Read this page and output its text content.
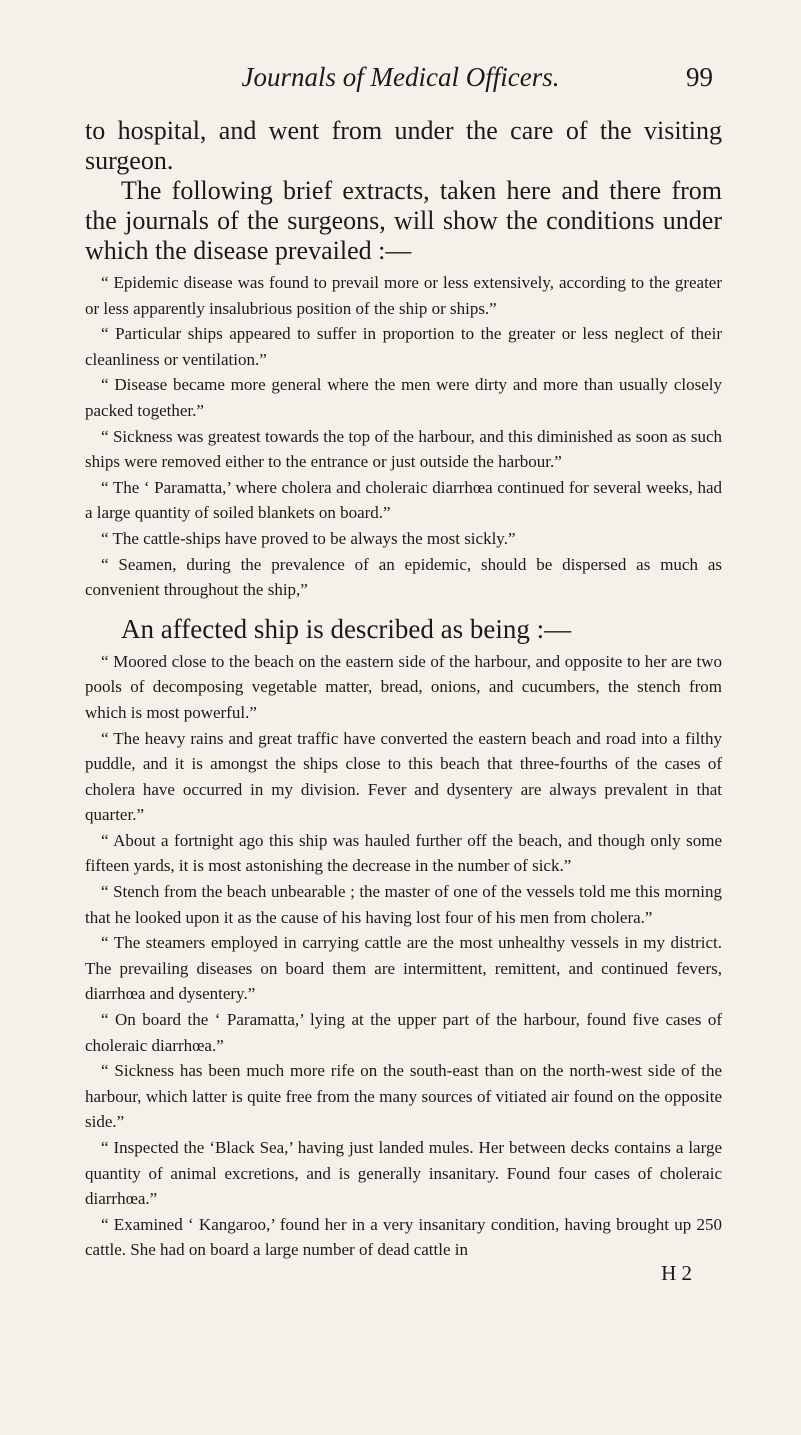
Journals of Medical Officers.	99

to hospital, and went from under the care of the visiting surgeon.

The following brief extracts, taken here and there from the journals of the surgeons, will show the conditions under which the disease prevailed :—

“ Epidemic disease was found to prevail more or less extensively, according to the greater or less apparently insalubrious position of the ship or ships.”

“ Particular ships appeared to suffer in proportion to the greater or less neglect of their cleanliness or ventilation.”

“ Disease became more general where the men were dirty and more than usually closely packed together.”

“ Sickness was greatest towards the top of the harbour, and this diminished as soon as such ships were removed either to the entrance or just outside the harbour.”

“ The ‘ Paramatta,’ where cholera and choleraic diarrhœa continued for several weeks, had a large quantity of soiled blankets on board.”

“ The cattle-ships have proved to be always the most sickly.”

“ Seamen, during the prevalence of an epidemic, should be dispersed as much as convenient throughout the ship,”

An affected ship is described as being :—

“ Moored close to the beach on the eastern side of the harbour, and opposite to her are two pools of decomposing vegetable matter, bread, onions, and cucumbers, the stench from which is most powerful.”

“ The heavy rains and great traffic have converted the eastern beach and road into a filthy puddle, and it is amongst the ships close to this beach that three-fourths of the cases of cholera have occurred in my division. Fever and dysentery are always prevalent in that quarter.”

“ About a fortnight ago this ship was hauled further off the beach, and though only some fifteen yards, it is most astonishing the decrease in the number of sick.”

“ Stench from the beach unbearable ; the master of one of the vessels told me this morning that he looked upon it as the cause of his having lost four of his men from cholera.”

“ The steamers employed in carrying cattle are the most unhealthy vessels in my district. The prevailing diseases on board them are intermittent, remittent, and continued fevers, diarrhœa and dysentery.”

“ On board the ‘ Paramatta,’ lying at the upper part of the harbour, found five cases of choleraic diarrhœa.”

“ Sickness has been much more rife on the south-east than on the north-west side of the harbour, which latter is quite free from the many sources of vitiated air found on the opposite side.”

“ Inspected the ‘Black Sea,’ having just landed mules. Her between decks contains a large quantity of animal excretions, and is generally insanitary. Found four cases of choleraic diarrhœa.”

“ Examined ‘ Kangaroo,’ found her in a very insanitary condition, having brought up 250 cattle. She had on board a large number of dead cattle in

H 2
